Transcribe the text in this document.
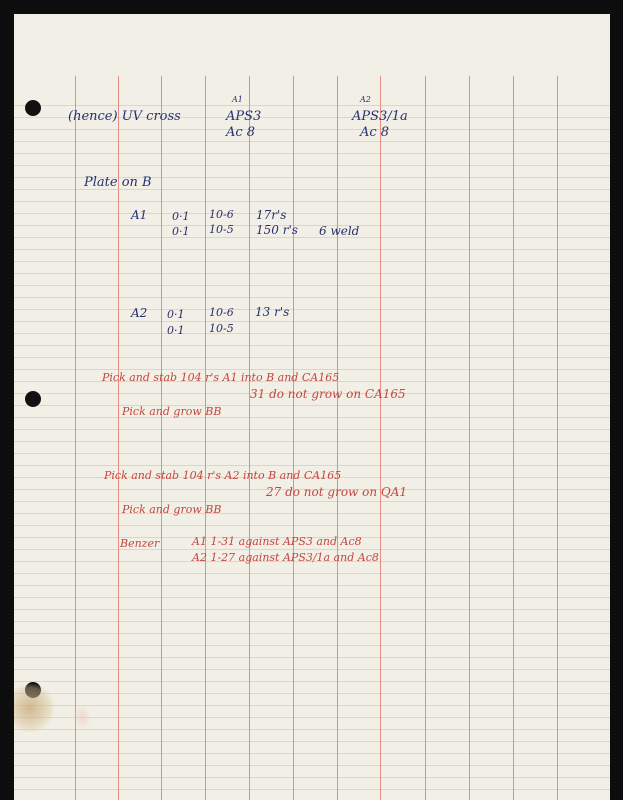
(hence) UV cross
A1
APS3
Ac 8
A2
APS3/1a
Ac 8
Plate on B
A1 0·1 10-6 17r's
0·1 10-5 150 r's 6 weld
A2 0·1 10-6 13 r's
0·1 10-5
Pick and stab 104 r's A1 into B and CA165
31 do not grow on CA165
Pick and grow BB
Pick and stab 104 r's A2 into B and CA165
27 do not grow on QA1
Pick and grow BB
Benzer	A1 1-31 against APS3 and Ac8
A2 1-27 against APS3/1a and Ac8
